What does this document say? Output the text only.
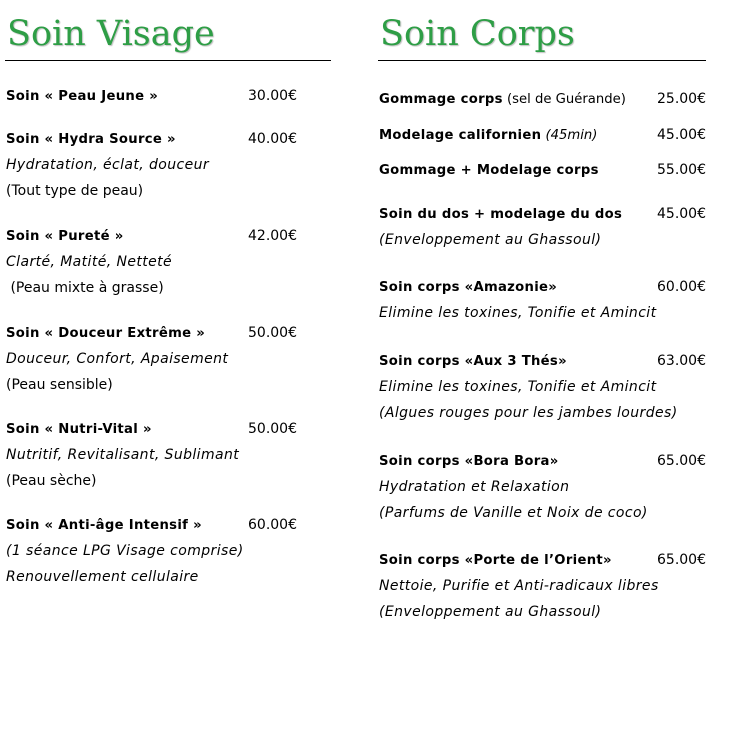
Soin Visage
Soin « Peau Jeune »	30.00€
Soin « Hydra Source »	40.00€
Hydratation, éclat, douceur
(Tout type de peau)
Soin « Pureté »	42.00€
Clarté, Matité, Netteté
(Peau mixte à grasse)
Soin « Douceur Extrême »	50.00€
Douceur, Confort, Apaisement
(Peau sensible)
Soin « Nutri-Vital »	50.00€
Nutritif, Revitalisant, Sublimant
(Peau sèche)
Soin « Anti-âge Intensif »	60.00€
(1 séance LPG Visage comprise)
Renouvellement cellulaire
Soin Corps
Gommage corps (sel de Guérande) 25.00€
Modelage californien (45min)	45.00€
Gommage + Modelage corps	55.00€
Soin du dos + modelage du dos 45.00€
(Enveloppement au Ghassoul)
Soin corps «Amazonie»	60.00€
Elimine les toxines, Tonifie et Amincit
Soin corps «Aux 3 Thés»	63.00€
Elimine les toxines, Tonifie et Amincit
(Algues rouges pour les jambes lourdes)
Soin corps «Bora Bora»	65.00€
Hydratation et Relaxation
(Parfums de Vanille et Noix de coco)
Soin corps «Porte de l’Orient»	65.00€
Nettoie, Purifie et Anti-radicaux libres
(Enveloppement au Ghassoul)
